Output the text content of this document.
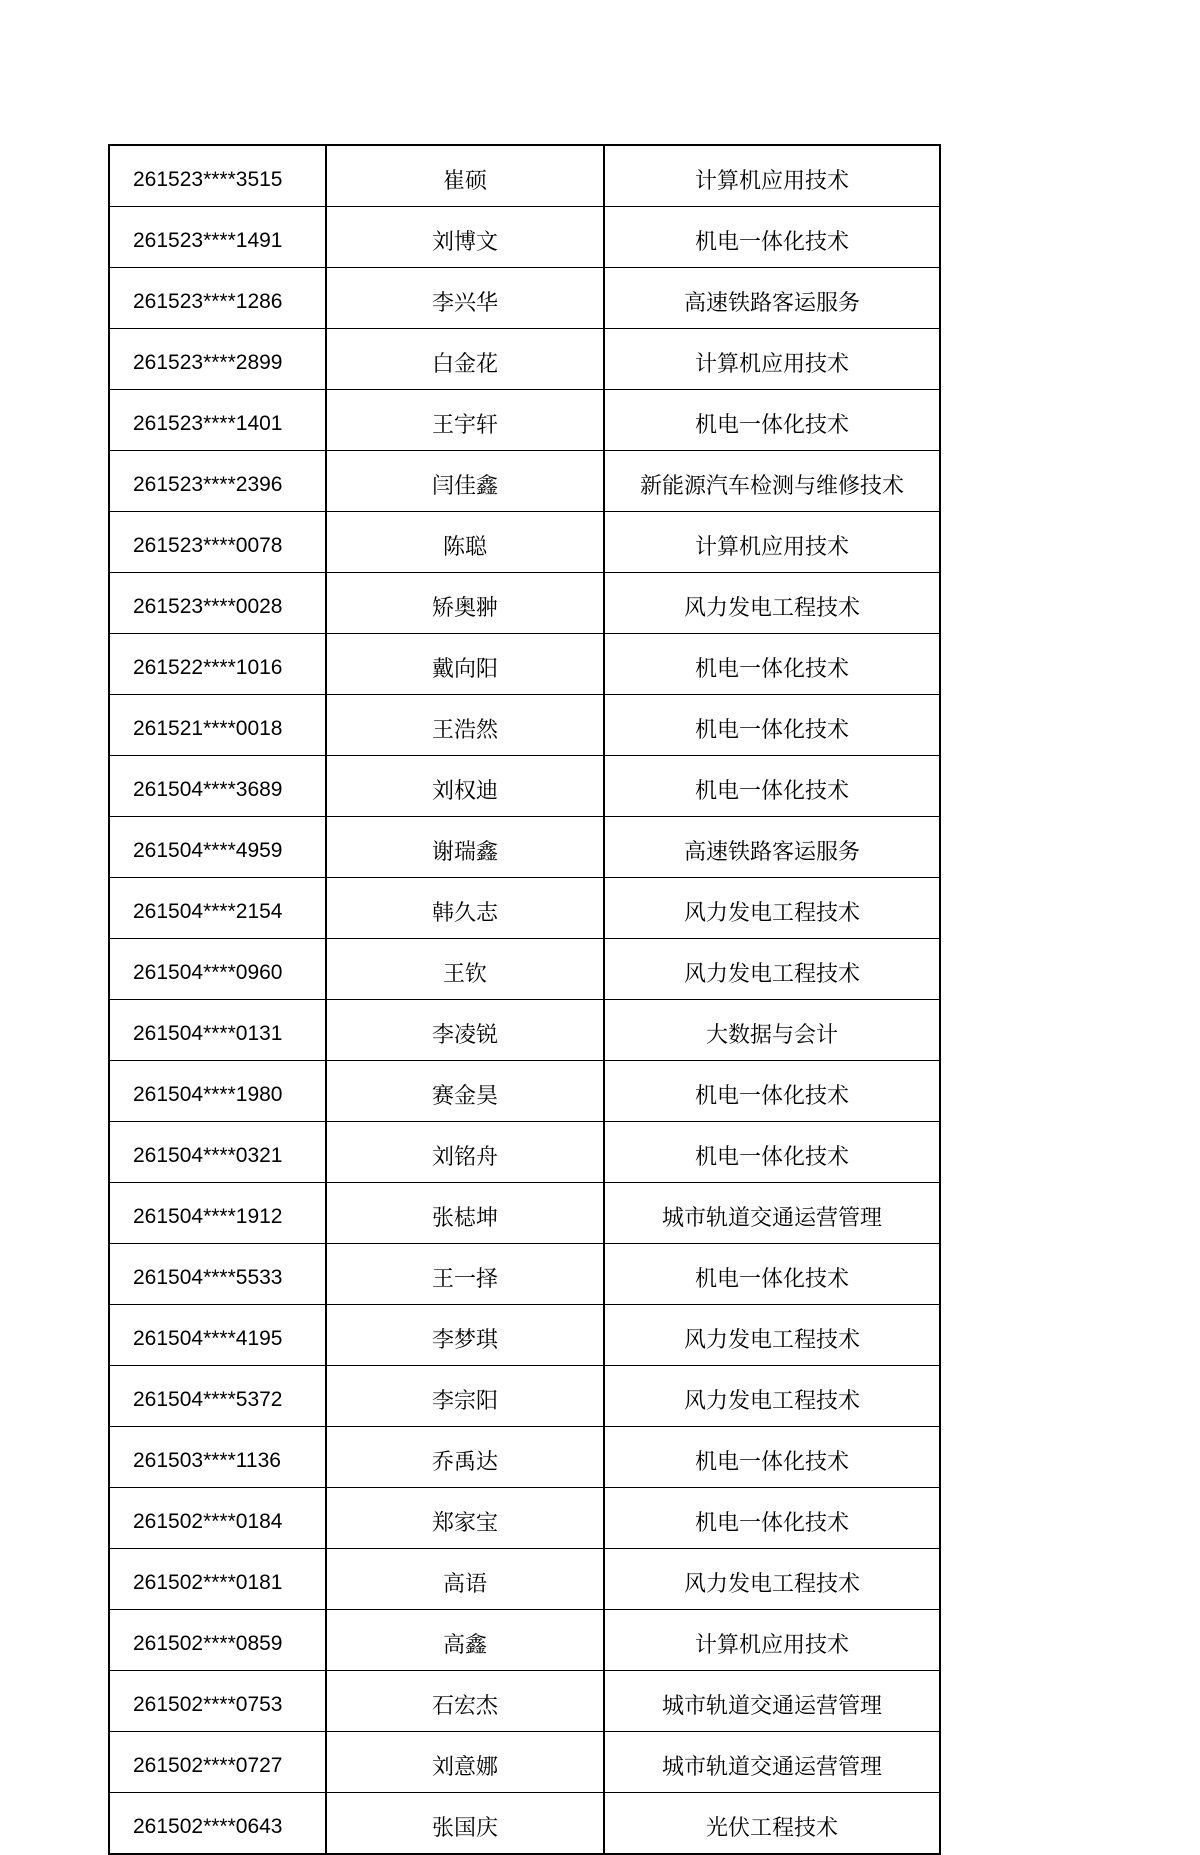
261523****3515	崔硕	计算机应用技术
261523****1491	刘博文	机电一体化技术
261523****1286	李兴华	高速铁路客运服务
261523****2899	白金花	计算机应用技术
261523****1401	王宇轩	机电一体化技术
261523****2396	闫佳鑫	新能源汽车检测与维修技术
261523****0078	陈聪	计算机应用技术
261523****0028	矫奥翀	风力发电工程技术
261522****1016	戴向阳	机电一体化技术
261521****0018	王浩然	机电一体化技术
261504****3689	刘权迪	机电一体化技术
261504****4959	谢瑞鑫	高速铁路客运服务
261504****2154	韩久志	风力发电工程技术
261504****0960	王钦	风力发电工程技术
261504****0131	李凌锐	大数据与会计
261504****1980	赛金昊	机电一体化技术
261504****0321	刘铭舟	机电一体化技术
261504****1912	张梽坤	城市轨道交通运营管理
261504****5533	王一择	机电一体化技术
261504****4195	李梦琪	风力发电工程技术
261504****5372	李宗阳	风力发电工程技术
261503****1136	乔禹达	机电一体化技术
261502****0184	郑家宝	机电一体化技术
261502****0181	高语	风力发电工程技术
261502****0859	高鑫	计算机应用技术
261502****0753	石宏杰	城市轨道交通运营管理
261502****0727	刘意娜	城市轨道交通运营管理
261502****0643	张国庆	光伏工程技术
